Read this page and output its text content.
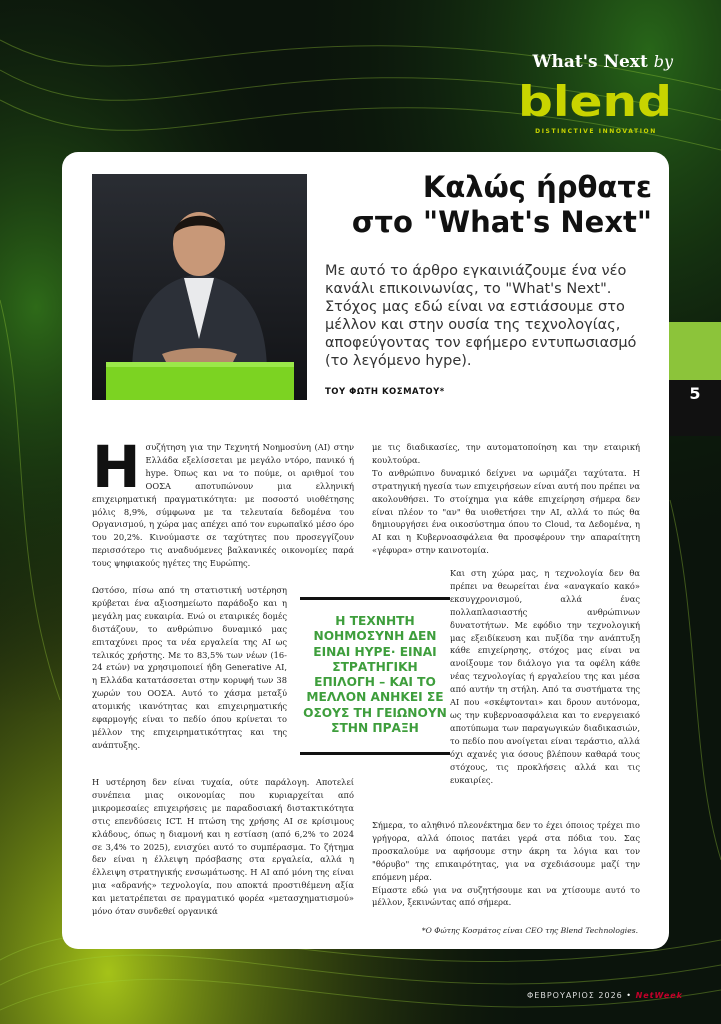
What's Next by
blend
DISTINCTIVE INNOVATION
Καλώς ήρθατε
στο "What's Next"
Με αυτό το άρθρο εγκαινιάζουμε ένα νέο κανάλι επικοινωνίας, το "What's Next". Στόχος μας εδώ είναι να εστιάσουμε στο μέλλον και στην ουσία της τεχνολογίας, αποφεύγοντας τον εφήμερο εντυπωσιασμό (το λεγόμενο hype).
ΤΟΥ ΦΩΤΗ ΚΟΣΜΑΤΟΥ*	5
Η συζήτηση για την Τεχνητή Νοημοσύνη (AI) στην Ελλάδα εξελίσσεται με μεγάλο ντόρο, πανικό ή hype. Όπως και να το πούμε, οι αριθμοί του ΟΟΣΑ αποτυπώνουν μια ελληνική επιχειρηματική πραγματικότητα: με ποσοστό υιοθέτησης μόλις 8,9%, σύμφωνα με τα τελευταία δεδομένα του Οργανισμού, η χώρα μας απέχει από τον ευρωπαϊκό μέσο όρο του 20,2%. Κινούμαστε σε ταχύτητες που προσεγγίζουν περισσότερο τις αναδυόμενες βαλκανικές οικονομίες παρά τους ψηφιακούς ηγέτες της Ευρώπης.

Ωστόσο, πίσω από τη στατιστική υστέρηση κρύβεται ένα αξιοσημείωτο παράδοξο και η μεγάλη μας ευκαιρία. Ενώ οι εταιρικές δομές διστάζουν, το ανθρώπινο δυναμικό μας επιταχύνει προς τα νέα εργαλεία της AI ως τελικός χρήστης. Με το 83,5% των νέων (16-24 ετών) να χρησιμοποιεί ήδη Generative AI, η Ελλάδα κατατάσσεται στην κορυφή των 38 χωρών του ΟΟΣΑ. Αυτό το χάσμα μεταξύ ατομικής ικανότητας και επιχειρηματικής εφαρμογής είναι το πεδίο όπου κρίνεται το μέλλον της επιχειρηματικότητας και της ανάπτυξης.

Η υστέρηση δεν είναι τυχαία, ούτε παράλογη. Αποτελεί συνέπεια μιας οικονομίας που κυριαρχείται από μικρομεσαίες επιχειρήσεις με παραδοσιακή διστακτικότητα στις επενδύσεις ICT. Η πτώση της χρήσης AI σε κρίσιμους κλάδους, όπως η διαμονή και η εστίαση (από 6,2% το 2024 σε 3,4% το 2025), ενισχύει αυτό το συμπέρασμα. Το ζήτημα δεν είναι η έλλειψη πρόσβασης στα εργαλεία, αλλά η έλλειψη στρατηγικής ενσωμάτωσης. Η AI από μόνη της είναι μια «αδρανής» τεχνολογία, που αποκτά προστιθέμενη αξία και μετατρέπεται σε πραγματικό φορέα «μετασχηματισμού» μόνο όταν συνδεθεί οργανικά

με τις διαδικασίες, την αυτοματοποίηση και την εταιρική κουλτούρα.

Το ανθρώπινο δυναμικό δείχνει να ωριμάζει ταχύτατα. Η στρατηγική ηγεσία των επιχειρήσεων είναι αυτή που πρέπει να ακολουθήσει. Το στοίχημα για κάθε επιχείρηση σήμερα δεν είναι πλέον το "αν" θα υιοθετήσει την AI, αλλά το πώς θα δημιουργήσει ένα οικοσύστημα όπου το Cloud, τα Δεδομένα, η AI και η Κυβερνοασφάλεια θα προσφέρουν την απαραίτητη «γέφυρα» στην καινοτομία.

Και στη χώρα μας, η τεχνολογία δεν θα πρέπει να θεωρείται ένα «αναγκαίο κακό» εκσυγχρονισμού, αλλά ένας πολλαπλασιαστής ανθρώπινων δυνατοτήτων. Με εφόδιο την τεχνολογική μας εξειδίκευση και πυξίδα την ανάπτυξη κάθε επιχείρησης, στόχος μας είναι να ανοίξουμε τον διάλογο για τα οφέλη κάθε νέας τεχνολογίας ή εργαλείου της και μέσα από αυτήν τη στήλη. Από τα συστήματα της AI που «σκέφτονται» και δρουν αυτόνομα, ως την κυβερνοασφάλεια και το ενεργειακό αποτύπωμα των παραγωγικών διαδικασιών, το πεδίο που ανοίγεται είναι τεράστιο, αλλά όχι αχανές για όσους βλέπουν καθαρά τους στόχους, τις προκλήσεις αλλά και τις ευκαιρίες.

Σήμερα, το αληθινό πλεονέκτημα δεν το έχει όποιος τρέχει πιο γρήγορα, αλλά όποιος πατάει γερά στα πόδια του. Σας προσκαλούμε να αφήσουμε στην άκρη τα λόγια και τον "θόρυβο" της επικαιρότητας, για να σχεδιάσουμε μαζί την επόμενη μέρα.

Είμαστε εδώ για να συζητήσουμε και να χτίσουμε αυτό το μέλλον, ξεκινώντας από σήμερα.

Η ΤΕΧΝΗΤΗ ΝΟΗΜΟΣΥΝΗ ΔΕΝ ΕΙΝΑΙ HYPE· ΕΙΝΑΙ ΣΤΡΑΤΗΓΙΚΗ ΕΠΙΛΟΓΗ – ΚΑΙ ΤΟ ΜΕΛΛΟΝ ΑΝΗΚΕΙ ΣΕ ΟΣΟΥΣ ΤΗ ΓΕΙΩΝΟΥΝ ΣΤΗΝ ΠΡΑΞΗ
*Ο Φώτης Κοσμάτος είναι CEO της Blend Technologies.
ΦΕΒΡΟΥΑΡΙΟΣ 2026 • NetWeek
